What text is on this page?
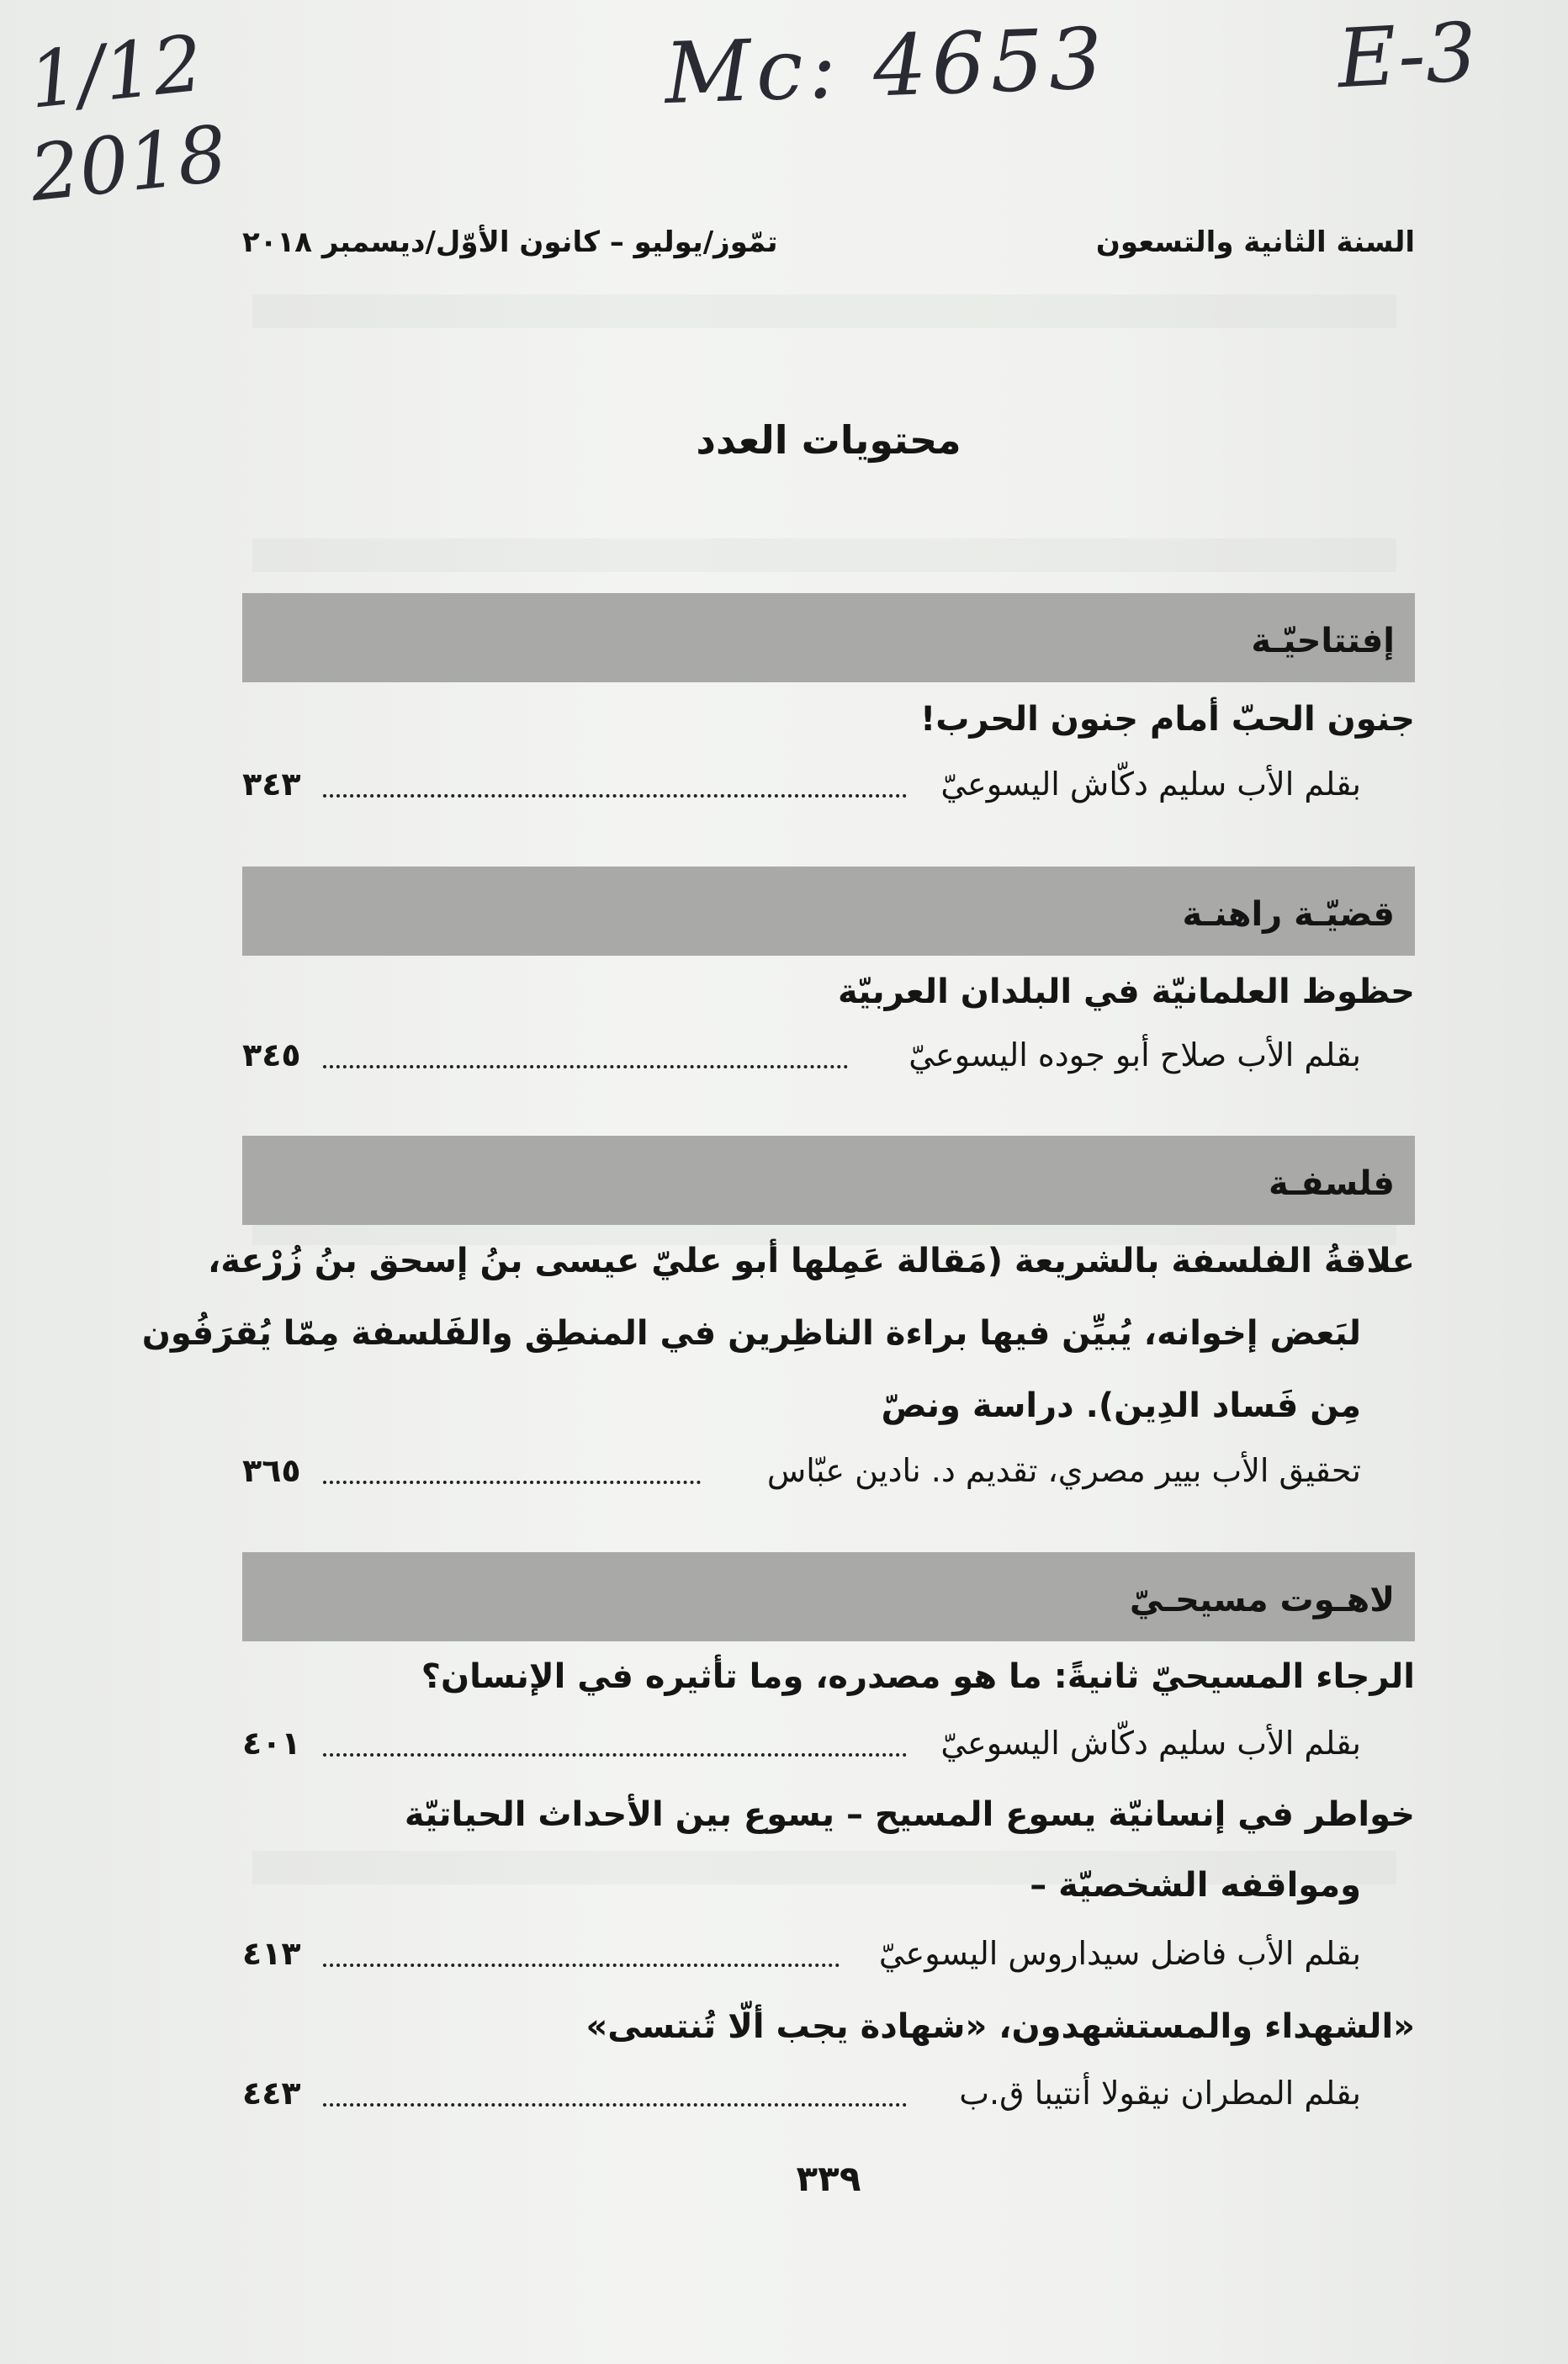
1/12
2018
Mc: 4653	E-3
السنة الثانية والتسعون
تمّوز/يوليو – كانون الأوّل/ديسمبر ٢٠١٨
محتويات العدد
إفتتاحيّـة
جنون الحبّ أمام جنون الحرب!
بقلم الأب سليم دكّاش اليسوعيّ
٣٤٣
قضيّـة راهنـة
حظوظ العلمانيّة في البلدان العربيّة
بقلم الأب صلاح أبو جوده اليسوعيّ
٣٤٥
فلسفـة
علاقةُ الفلسفة بالشريعة (مَقالة عَمِلها أبو عليّ عيسى بنُ إسحق بنُ زُرْعة،
لبَعض إخوانه، يُبيِّن فيها براءة الناظِرين في المنطِق والفَلسفة مِمّا يُقرَفُون
مِن فَساد الدِين). دراسة ونصّ
تحقيق الأب بيير مصري، تقديم د. نادين عبّاس
٣٦٥
لاهـوت مسيحـيّ
الرجاء المسيحيّ ثانيةً: ما هو مصدره، وما تأثيره في الإنسان؟
بقلم الأب سليم دكّاش اليسوعيّ
٤٠١
خواطر في إنسانيّة يسوع المسيح – يسوع بين الأحداث الحياتيّة
ومواقفه الشخصيّة –
بقلم الأب فاضل سيداروس اليسوعيّ
٤١٣
«الشهداء والمستشهدون، «شهادة يجب ألّا تُنتسى»
بقلم المطران نيقولا أنتيبا ق.ب
٤٤٣
٣٣٩
